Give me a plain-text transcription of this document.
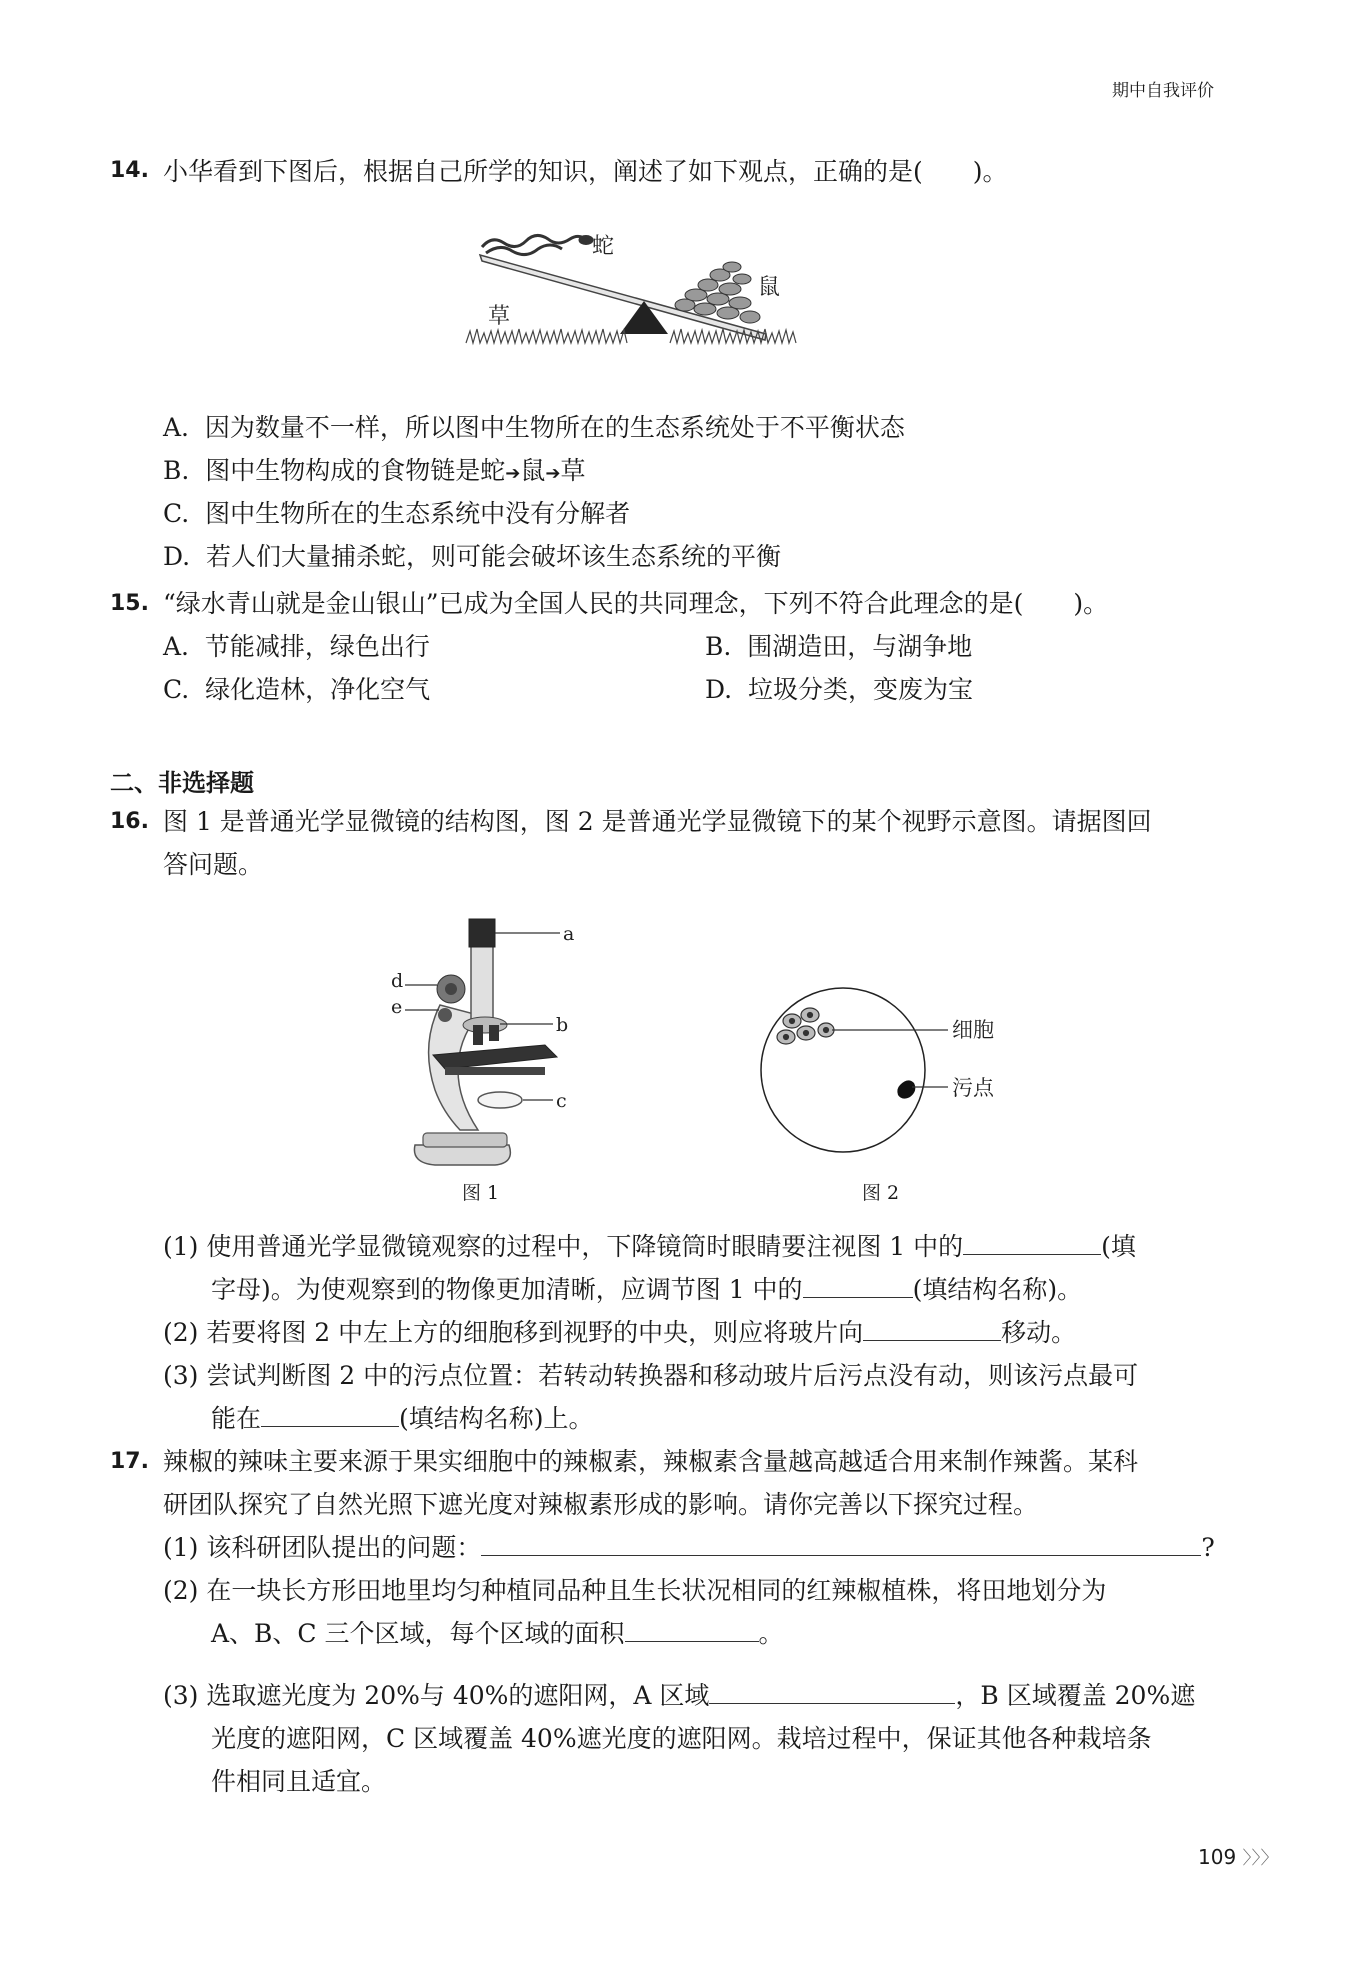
期中自我评价
14. 小华看到下图后，根据自己所学的知识，阐述了如下观点，正确的是(　　)。
蛇
鼠
草
A. 因为数量不一样，所以图中生物所在的生态系统处于不平衡状态
B. 图中生物构成的食物链是蛇➔鼠➔草
C. 图中生物所在的生态系统中没有分解者
D. 若人们大量捕杀蛇，则可能会破坏该生态系统的平衡
15. “绿水青山就是金山银山”已成为全国人民的共同理念，下列不符合此理念的是(　　)。
A. 节能减排，绿色出行	B. 围湖造田，与湖争地
C. 绿化造林，净化空气	D. 垃圾分类，变废为宝
二、非选择题
16. 图 1 是普通光学显微镜的结构图，图 2 是普通光学显微镜下的某个视野示意图。请据图回
答问题。
a
b
c
d
e
图 1
细胞
污点
图 2
(1) 使用普通光学显微镜观察的过程中，下降镜筒时眼睛要注视图 1 中的	(填
字母)。为使观察到的物像更加清晰，应调节图 1 中的	(填结构名称)。
(2) 若要将图 2 中左上方的细胞移到视野的中央，则应将玻片向	移动。
(3) 尝试判断图 2 中的污点位置：若转动转换器和移动玻片后污点没有动，则该污点最可
能在	(填结构名称)上。
17. 辣椒的辣味主要来源于果实细胞中的辣椒素，辣椒素含量越高越适合用来制作辣酱。某科
研团队探究了自然光照下遮光度对辣椒素形成的影响。请你完善以下探究过程。
(1) 该科研团队提出的问题：	?
(2) 在一块长方形田地里均匀种植同品种且生长状况相同的红辣椒植株，将田地划分为
A、B、C 三个区域，每个区域的面积	。
(3) 选取遮光度为 20%与 40%的遮阳网，A 区域	，B 区域覆盖 20%遮
光度的遮阳网，C 区域覆盖 40%遮光度的遮阳网。栽培过程中，保证其他各种栽培条
件相同且适宜。
109 〉〉〉
